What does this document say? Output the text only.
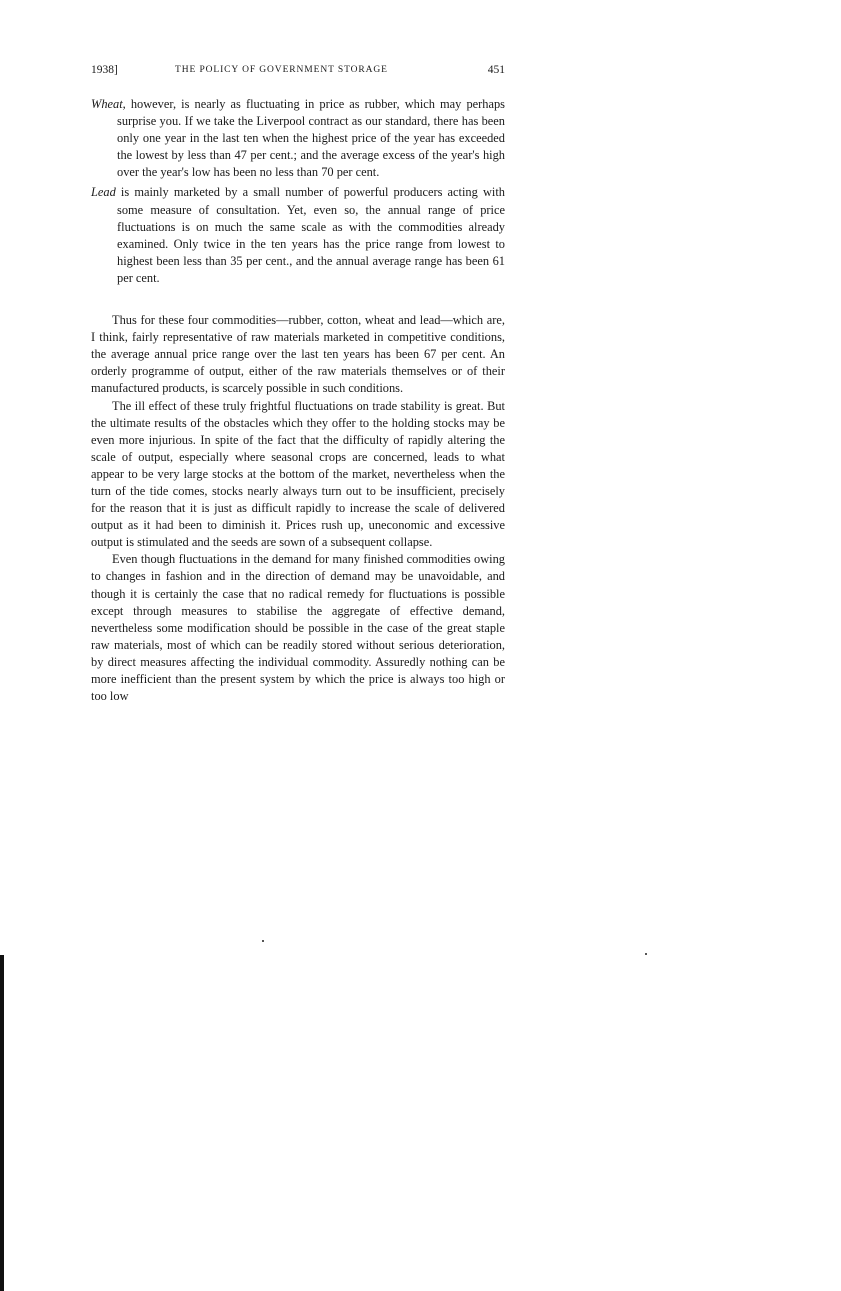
1938]	THE POLICY OF GOVERNMENT STORAGE	451

Wheat, however, is nearly as fluctuating in price as rubber, which may perhaps surprise you. If we take the Liverpool contract as our standard, there has been only one year in the last ten when the highest price of the year has exceeded the lowest by less than 47 per cent.; and the average excess of the year's high over the year's low has been no less than 70 per cent.

Lead is mainly marketed by a small number of powerful producers acting with some measure of consultation. Yet, even so, the annual range of price fluctuations is on much the same scale as with the commodities already examined. Only twice in the ten years has the price range from lowest to highest been less than 35 per cent., and the annual average range has been 61 per cent.

Thus for these four commodities—rubber, cotton, wheat and lead—which are, I think, fairly representative of raw materials marketed in competitive conditions, the average annual price range over the last ten years has been 67 per cent. An orderly programme of output, either of the raw materials themselves or of their manufactured products, is scarcely possible in such conditions.

The ill effect of these truly frightful fluctuations on trade stability is great. But the ultimate results of the obstacles which they offer to the holding stocks may be even more injurious. In spite of the fact that the difficulty of rapidly altering the scale of output, especially where seasonal crops are concerned, leads to what appear to be very large stocks at the bottom of the market, nevertheless when the turn of the tide comes, stocks nearly always turn out to be insufficient, precisely for the reason that it is just as difficult rapidly to increase the scale of delivered output as it had been to diminish it. Prices rush up, uneconomic and excessive output is stimulated and the seeds are sown of a subsequent collapse.

Even though fluctuations in the demand for many finished commodities owing to changes in fashion and in the direction of demand may be unavoidable, and though it is certainly the case that no radical remedy for fluctuations is possible except through measures to stabilise the aggregate of effective demand, nevertheless some modification should be possible in the case of the great staple raw materials, most of which can be readily stored without serious deterioration, by direct measures affecting the individual commodity. Assuredly nothing can be more inefficient than the present system by which the price is always too high or too low
